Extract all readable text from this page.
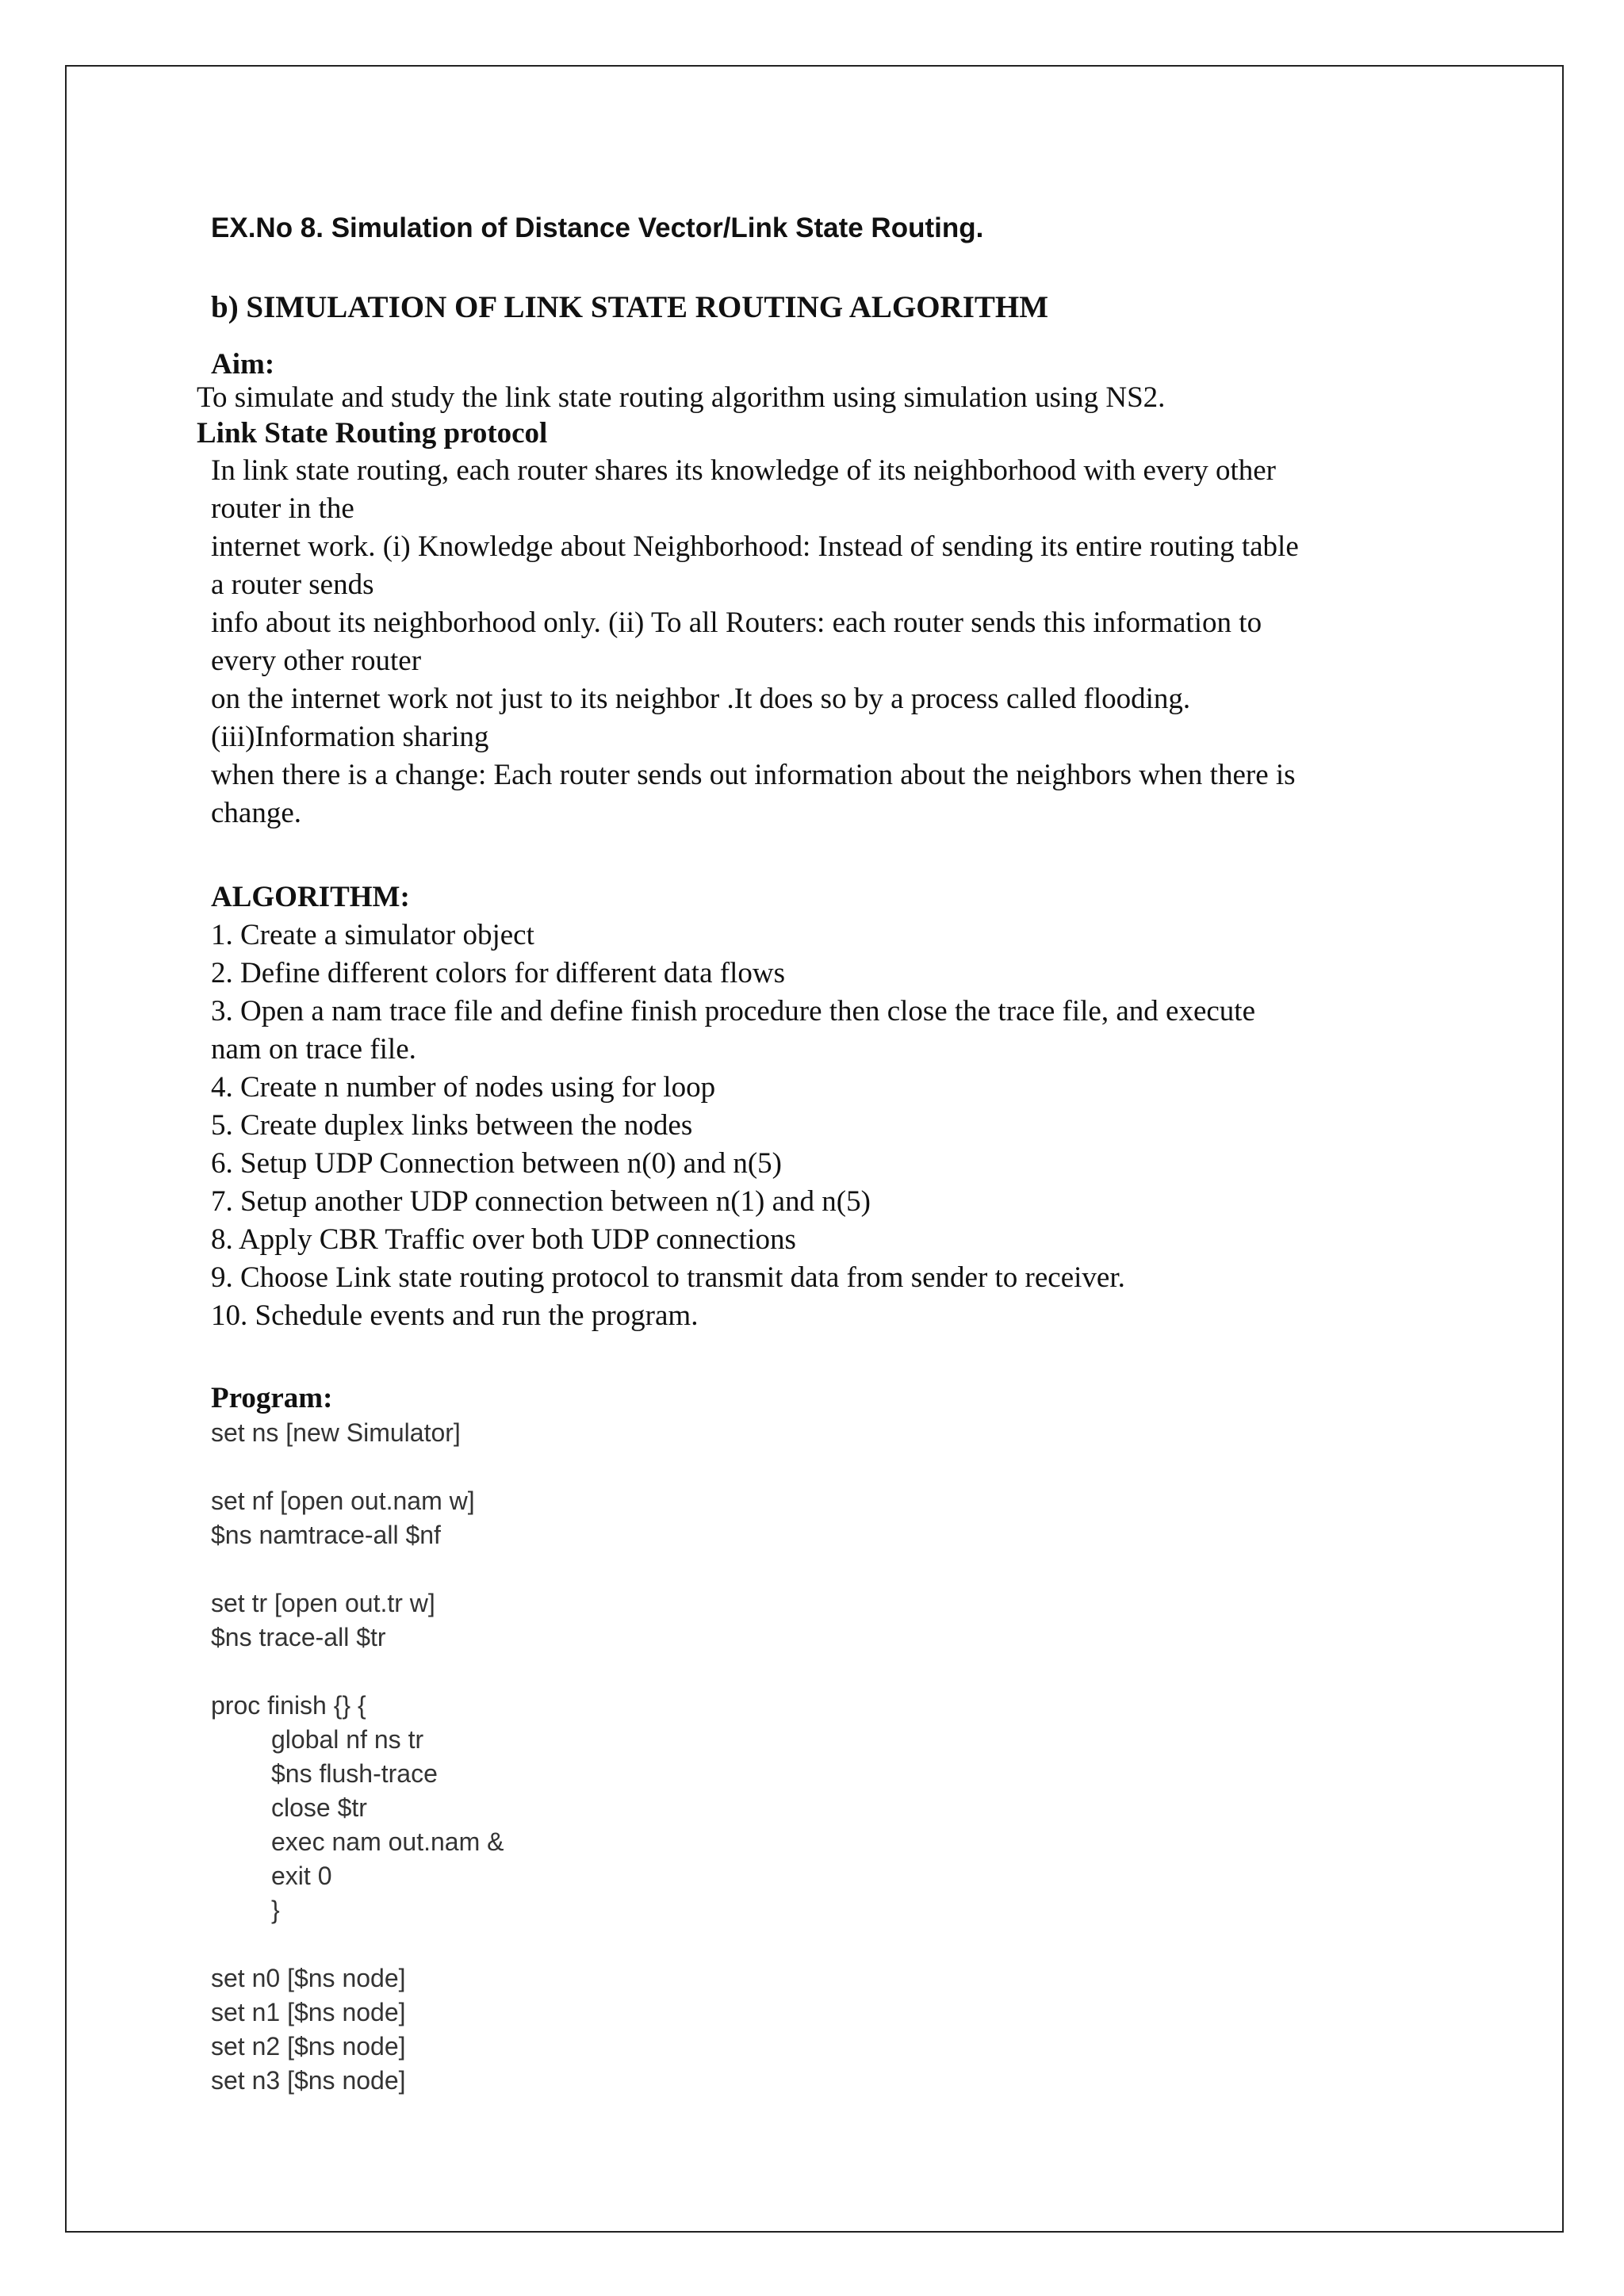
EX.No 8. Simulation of Distance Vector/Link State Routing.
b) SIMULATION OF LINK STATE ROUTING ALGORITHM
Aim:
To simulate and study the link state routing algorithm using simulation using NS2.
Link State Routing protocol

In link state routing, each router shares its knowledge of its neighborhood with every other

router in the

internet work. (i) Knowledge about Neighborhood: Instead of sending its entire routing table

a router sends

info about its neighborhood only. (ii) To all Routers: each router sends this information to

every other router

on the internet work not just to its neighbor .It does so by a process called flooding.

(iii)Information sharing

when there is a change: Each router sends out information about the neighbors when there is

change.

ALGORITHM:
1. Create a simulator object
2. Define different colors for different data flows
3. Open a nam trace file and define finish procedure then close the trace file, and execute
nam on trace file.
4. Create n number of nodes using for loop
5. Create duplex links between the nodes
6. Setup UDP Connection between n(0) and n(5)
7. Setup another UDP connection between n(1) and n(5)
8. Apply CBR Traffic over both UDP connections
9. Choose Link state routing protocol to transmit data from sender to receiver.
10. Schedule events and run the program.
Program:
set ns [new Simulator]
set nf [open out.nam w]
$ns namtrace-all $nf
set tr [open out.tr w]
$ns trace-all $tr
proc finish {} {
global nf ns tr
$ns flush-trace
close $tr
exec nam out.nam &
exit 0
}
set n0 [$ns node]
set n1 [$ns node]
set n2 [$ns node]
set n3 [$ns node]
